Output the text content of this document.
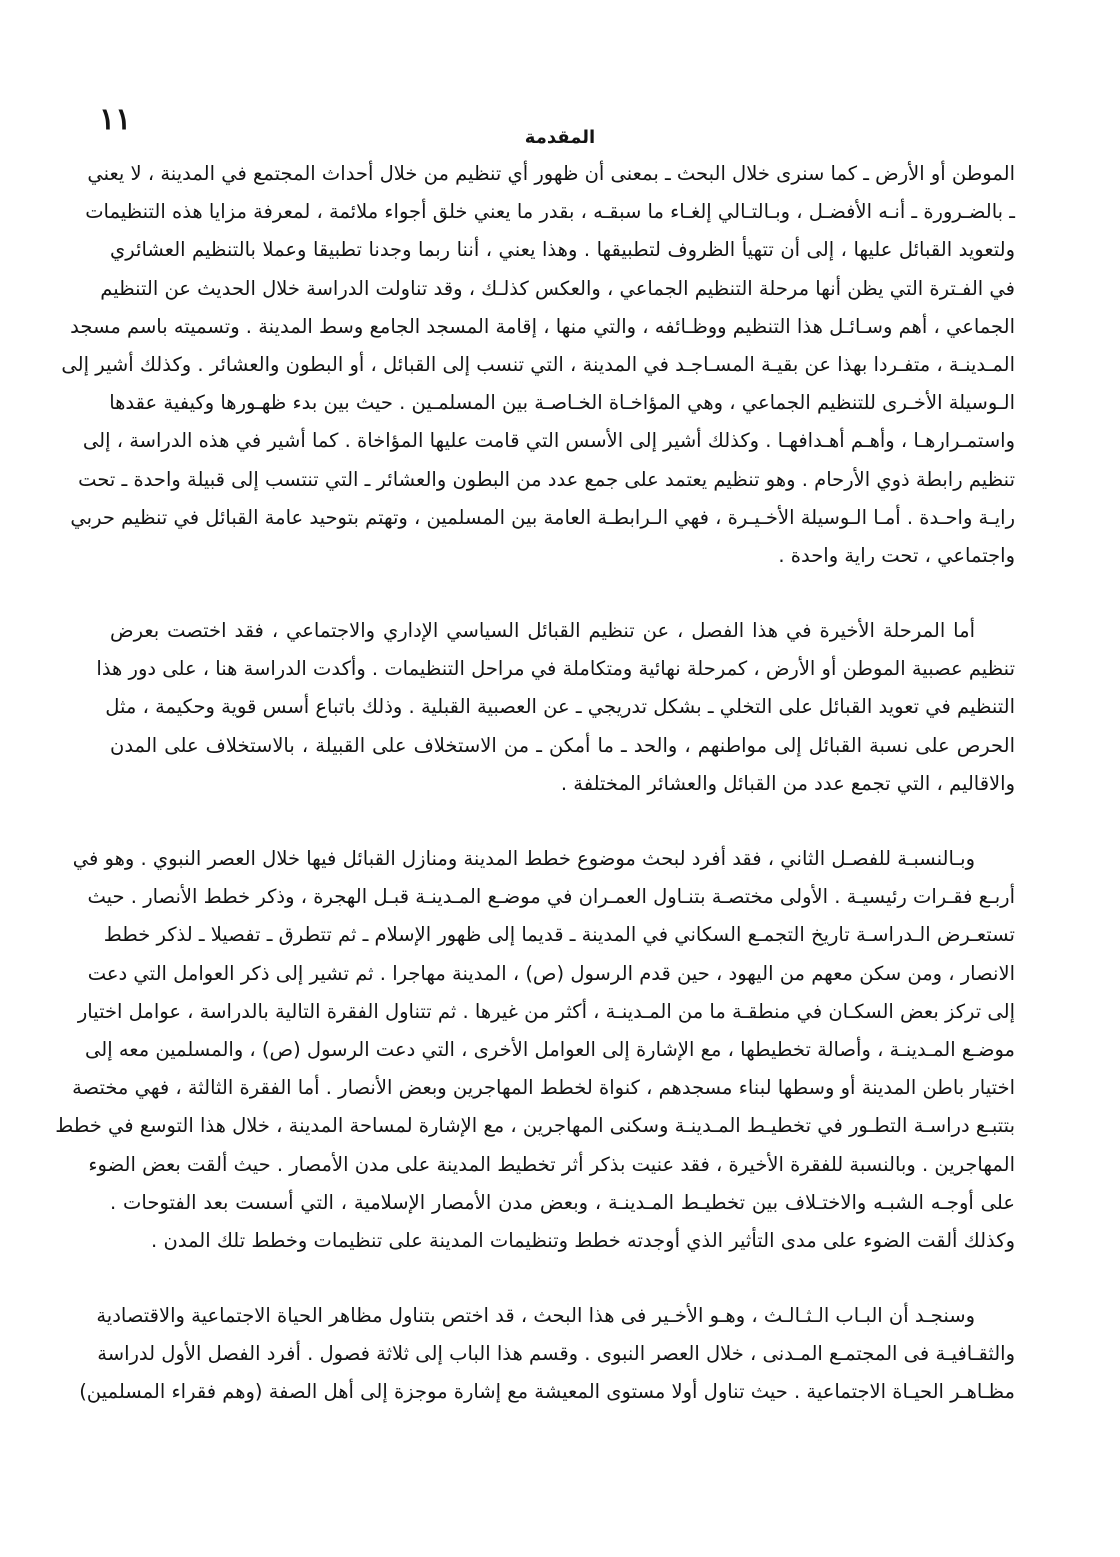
١١
المقدمة
الموطن أو الأرض ـ كما سنرى خلال البحث ـ بمعنى أن ظهور أي تنظيم من خلال أحداث المجتمع في المدينة ، لا يعني
ـ بالضـرورة ـ أنـه الأفضـل ، وبـالتـالي إلغـاء ما سبقـه ، بقدر ما يعني خلق أجواء ملائمة ، لمعرفة مزايا هذه التنظيمات
ولتعويد القبائل عليها ، إلى أن تتهيأ الظروف لتطبيقها . وهذا يعني ، أننا ربما وجدنا تطبيقا وعملا بالتنظيم العشائري
في الفـترة التي يظن أنها مرحلة التنظيم الجماعي ، والعكس كذلـك ، وقد تناولت الدراسة خلال الحديث عن التنظيم
الجماعي ، أهم وسـائـل هذا التنظيم ووظـائفه ، والتي منها ، إقامة المسجد الجامع وسط المدينة . وتسميته باسم مسجد
المـدينـة ، متفـردا بهذا عن بقيـة المسـاجـد في المدينة ، التي تنسب إلى القبائل ، أو البطون والعشائر . وكذلك أشير إلى
الـوسيلة الأخـرى للتنظيم الجماعي ، وهي المؤاخـاة الخـاصـة بين المسلمـين . حيث بين بدء ظهـورها وكيفية عقدها
واستمـرارهـا ، وأهـم أهـدافهـا . وكذلك أشير إلى الأسس التي قامت عليها المؤاخاة . كما أشير في هذه الدراسة ، إلى
تنظيم رابطة ذوي الأرحام . وهو تنظيم يعتمد على جمع عدد من البطون والعشائر ـ التي تنتسب إلى قبيلة واحدة ـ تحت
رايـة واحـدة . أمـا الـوسيلة الأخـيـرة ، فهي الـرابطـة العامة بين المسلمين ، وتهتم بتوحيد عامة القبائل في تنظيم حربي
واجتماعي ، تحت راية واحدة .
أما المرحلة الأخيرة في هذا الفصل ، عن تنظيم القبائل السياسي الإداري والاجتماعي ، فقد اختصت بعرض
تنظيم عصبية الموطن أو الأرض ، كمرحلة نهائية ومتكاملة في مراحل التنظيمات . وأكدت الدراسة هنا ، على دور هذا
التنظيم في تعويد القبائل على التخلي ـ بشكل تدريجي ـ عن العصبية القبلية . وذلك باتباع أسس قوية وحكيمة ، مثل
الحرص على نسبة القبائل إلى مواطنهم ، والحد ـ ما أمكن ـ من الاستخلاف على القبيلة ، بالاستخلاف على المدن
والاقاليم ، التي تجمع عدد من القبائل والعشائر المختلفة .
وبـالنسبـة للفصـل الثاني ، فقد أفرد لبحث موضوع خطط المدينة ومنازل القبائل فيها خلال العصر النبوي . وهو في
أربـع فقـرات رئيسيـة . الأولى مختصـة بتنـاول العمـران في موضـع المـدينـة قبـل الهجرة ، وذكر خطط الأنصار . حيث
تستعـرض الـدراسـة تاريخ التجمـع السكاني في المدينة ـ قديما إلى ظهور الإسلام ـ ثم تتطرق ـ تفصيلا ـ لذكر خطط
الانصار ، ومن سكن معهم من اليهود ، حين قدم الرسول (ص) ، المدينة مهاجرا . ثم تشير إلى ذكر العوامل التي دعت
إلى تركز بعض السكـان في منطقـة ما من المـدينـة ، أكثر من غيرها . ثم تتناول الفقرة التالية بالدراسة ، عوامل اختيار
موضـع المـدينـة ، وأصالة تخطيطها ، مع الإشارة إلى العوامل الأخرى ، التي دعت الرسول (ص) ، والمسلمين معه إلى
اختيار باطن المدينة أو وسطها لبناء مسجدهم ، كنواة لخطط المهاجرين وبعض الأنصار . أما الفقرة الثالثة ، فهي مختصة
بتتبـع دراسـة التطـور في تخطيـط المـدينـة وسكنى المهاجرين ، مع الإشارة لمساحة المدينة ، خلال هذا التوسع في خطط
المهاجرين . وبالنسبة للفقرة الأخيرة ، فقد عنيت بذكر أثر تخطيط المدينة على مدن الأمصار . حيث ألقت بعض الضوء
على أوجـه الشبـه والاختـلاف بين تخطيـط المـدينـة ، وبعض مدن الأمصار الإسلامية ، التي أسست بعد الفتوحات .
وكذلك ألقت الضوء على مدى التأثير الذي أوجدته خطط وتنظيمات المدينة على تنظيمات وخطط تلك المدن .
وسنجـد أن البـاب الـثـالـث ، وهـو الأخـير فى هذا البحث ، قد اختص بتناول مظاهر الحياة الاجتماعية والاقتصادية
والثقـافيـة فى المجتمـع المـدنى ، خلال العصر النبوى . وقسم هذا الباب إلى ثلاثة فصول . أفرد الفصل الأول لدراسة
مظـاهـر الحيـاة الاجتماعية . حيث تناول أولا مستوى المعيشة مع إشارة موجزة إلى أهل الصفة (وهم فقراء المسلمين)
